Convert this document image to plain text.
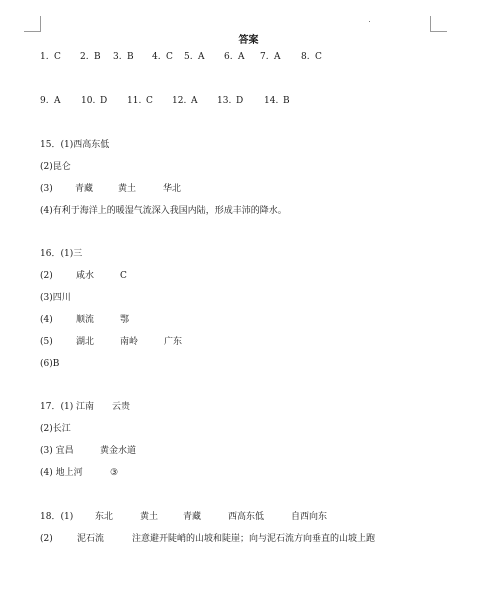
答案
1. C 2. B 3. B 4. C 5. A 6. A 7. A 8. C
9. A 10. D 11. C 12. A 13. D 14. B
15．(1)西高东低
(2)昆仑
(3) 青藏	黄土	华北
(4)有利于海洋上的暖湿气流深入我国内陆，形成丰沛的降水。
16．(1)三
(2)	咸水	C
(3)四川
(4)	顺流	鄂
(5)	湖北	南岭	广东
(6)B
17．(1) 江南 云贵
(2)长江
(3) 宜昌	黄金水道
(4) 地上河	③
18．(1) 东北	黄土	青藏	西高东低	自西向东
(2)	泥石流	注意避开陡峭的山坡和陡崖；向与泥石流方向垂直的山坡上跑
